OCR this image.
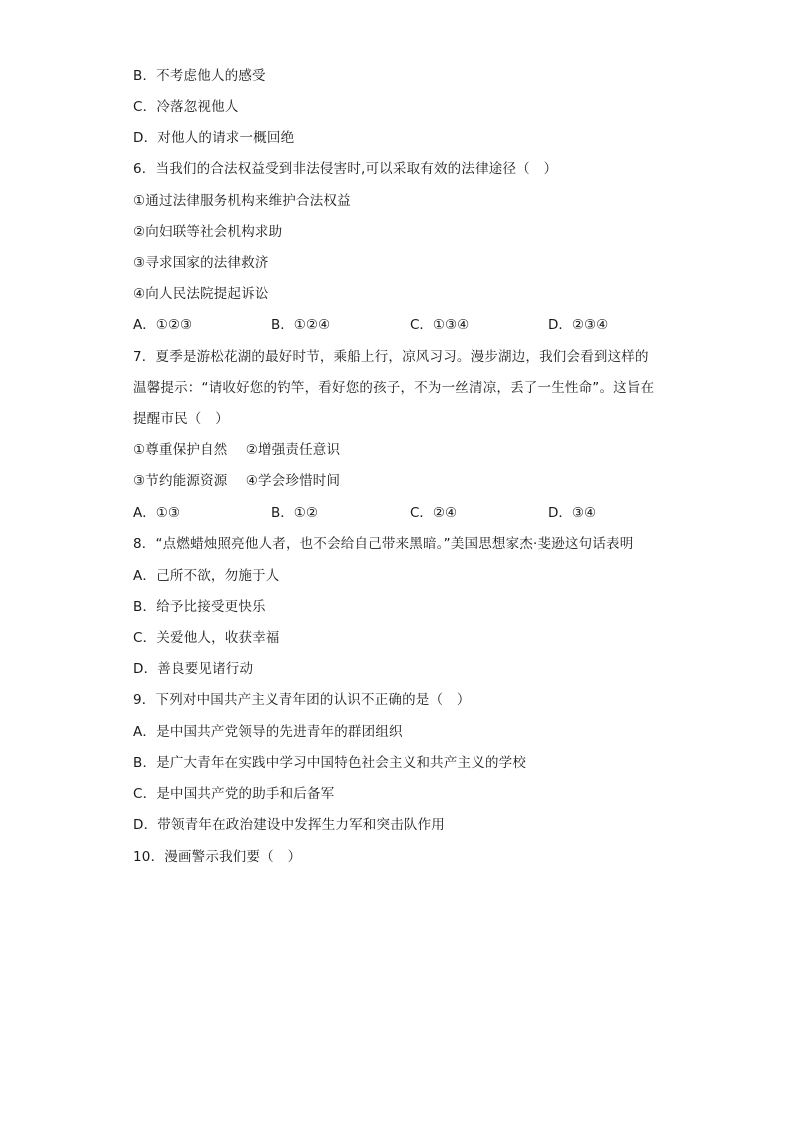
B．不考虑他人的感受
C．冷落忽视他人
D．对他人的请求一概回绝
6．当我们的合法权益受到非法侵害时,可以采取有效的法律途径（　）
①通过法律服务机构来维护合法权益
②向妇联等社会机构求助
③寻求国家的法律救济
④向人民法院提起诉讼
A．①②③	B．①②④	C．①③④	D．②③④
7．夏季是游松花湖的最好时节，乘船上行，凉风习习。漫步湖边，我们会看到这样的
温馨提示：“请收好您的钓竿，看好您的孩子，不为一丝清凉，丢了一生性命”。这旨在
提醒市民（　）
①尊重保护自然　 ②增强责任意识
③节约能源资源　 ④学会珍惜时间
A．①③	B．①②	C．②④	D．③④
8．“点燃蜡烛照亮他人者，也不会给自己带来黑暗。”美国思想家杰·斐逊这句话表明
A．己所不欲，勿施于人
B．给予比接受更快乐
C．关爱他人，收获幸福
D．善良要见诸行动
9．下列对中国共产主义青年团的认识不正确的是（　）
A．是中国共产党领导的先进青年的群团组织
B．是广大青年在实践中学习中国特色社会主义和共产主义的学校
C．是中国共产党的助手和后备军
D．带领青年在政治建设中发挥生力军和突击队作用
10．漫画警示我们要（　）
